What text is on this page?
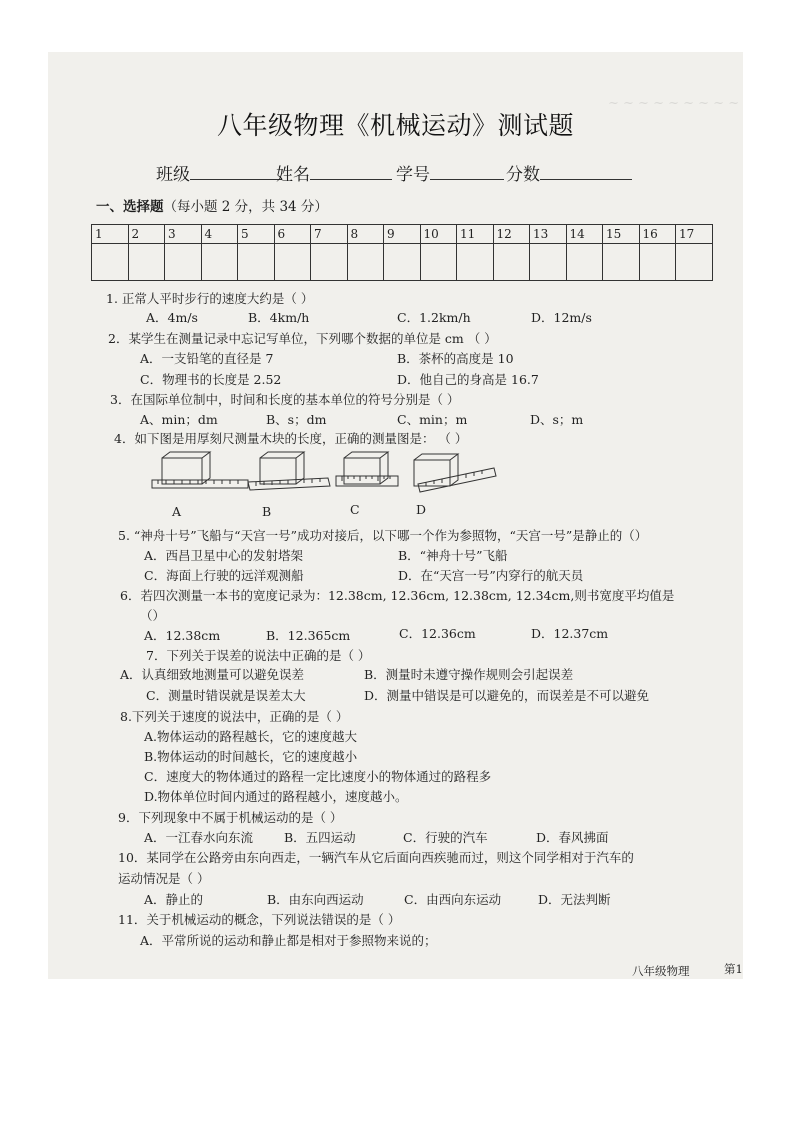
~ ~ ~ ~ ~ ~ ~ ~ ~
八年级物理《机械运动》测试题
班级	姓名	学号	分数
一、选择题（每小题 2 分，共 34 分）
1	2	3	4	5	6	7	8	9	10	11	12	13	14	15	16	17

1. 正常人平时步行的速度大约是（ ）
A．4m/s	B．4km/h	C．1.2km/h	D．12m/s
2．某学生在测量记录中忘记写单位，下列哪个数据的单位是 cm （ ）
A．一支铅笔的直径是 7	B．茶杯的高度是 10
C．物理书的长度是 2.52	D．他自己的身高是 16.7
3．在国际单位制中，时间和长度的基本单位的符号分别是（ ）
A、min；dm	B、s；dm	C、min；m	D、s；m
4．如下图是用厚刻尺测量木块的长度，正确的测量图是： （ ）
A	B	C	D
5. “神舟十号”飞船与“天宫一号”成功对接后，以下哪一个作为参照物，“天宫一号”是静止的（）
A．西昌卫星中心的发射塔架	B．“神舟十号”飞船
C．海面上行驶的远洋观测船	D．在“天宫一号”内穿行的航天员
6．若四次测量一本书的宽度记录为：12.38cm, 12.36cm, 12.38cm, 12.34cm,则书宽度平均值是
（）
A．12.38cm	B．12.365cm	C．12.36cm	D．12.37cm
7．下列关于误差的说法中正确的是（ ）
A．认真细致地测量可以避免误差	B．测量时未遵守操作规则会引起误差
C．测量时错误就是误差太大	D．测量中错误是可以避免的，而误差是不可以避免
8.下列关于速度的说法中，正确的是（ ）
A.物体运动的路程越长，它的速度越大
B.物体运动的时间越长，它的速度越小
C．速度大的物体通过的路程一定比速度小的物体通过的路程多
D.物体单位时间内通过的路程越小，速度越小。
9．下列现象中不属于机械运动的是（ ）
A．一江春水向东流 B．五四运动	C．行驶的汽车	D．春风拂面
10．某同学在公路旁由东向西走，一辆汽车从它后面向西疾驰而过，则这个同学相对于汽车的
运动情况是（ ）
A．静止的	B．由东向西运动	C．由西向东运动	D．无法判断
11．关于机械运动的概念，下列说法错误的是（ ）
A．平常所说的运动和静止都是相对于参照物来说的；
八年级物理	第1
